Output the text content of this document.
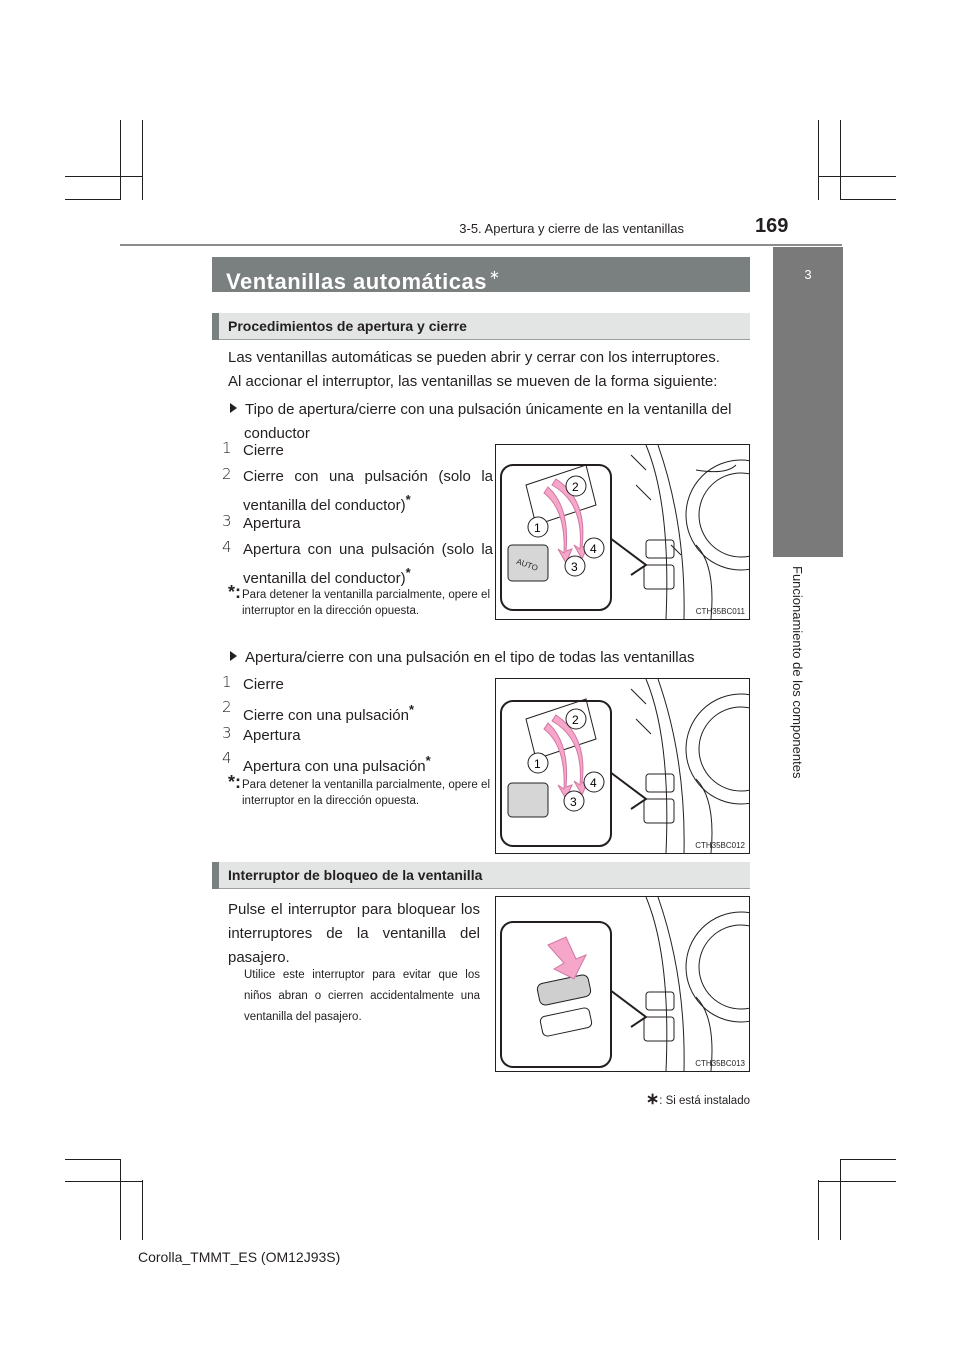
3-5. Apertura y cierre de las ventanillas	169
3
Funcionamiento de los componentes
Ventanillas automáticas ∗
Procedimientos de apertura y cierre
Las ventanillas automáticas se pueden abrir y cerrar con los interruptores.
Al accionar el interruptor, las ventanillas se mueven de la forma siguiente:
Tipo de apertura/cierre con una pulsación únicamente en la ventanilla del
conductor
1 Cierre
2 Cierre con una pulsación (solo la ventanilla del conductor)*
3 Apertura
4 Apertura con una pulsación (solo la ventanilla del conductor)*
*: Para detener la ventanilla parcialmente, opere el interruptor en la dirección opuesta.
AUTO
2
1
4
3
CTH35BC011
Apertura/cierre con una pulsación en el tipo de todas las ventanillas
1 Cierre
2 Cierre con una pulsación*
3 Apertura
4 Apertura con una pulsación*
*: Para detener la ventanilla parcialmente, opere el interruptor en la dirección opuesta.
2
1
4
3
CTH35BC012
Interruptor de bloqueo de la ventanilla
Pulse el interruptor para bloquear los interruptores de la ventanilla del pasajero.
Utilice este interruptor para evitar que los niños abran o cierren accidentalmente una ventanilla del pasajero.
CTH35BC013
∗: Si está instalado
Corolla_TMMT_ES (OM12J93S)
